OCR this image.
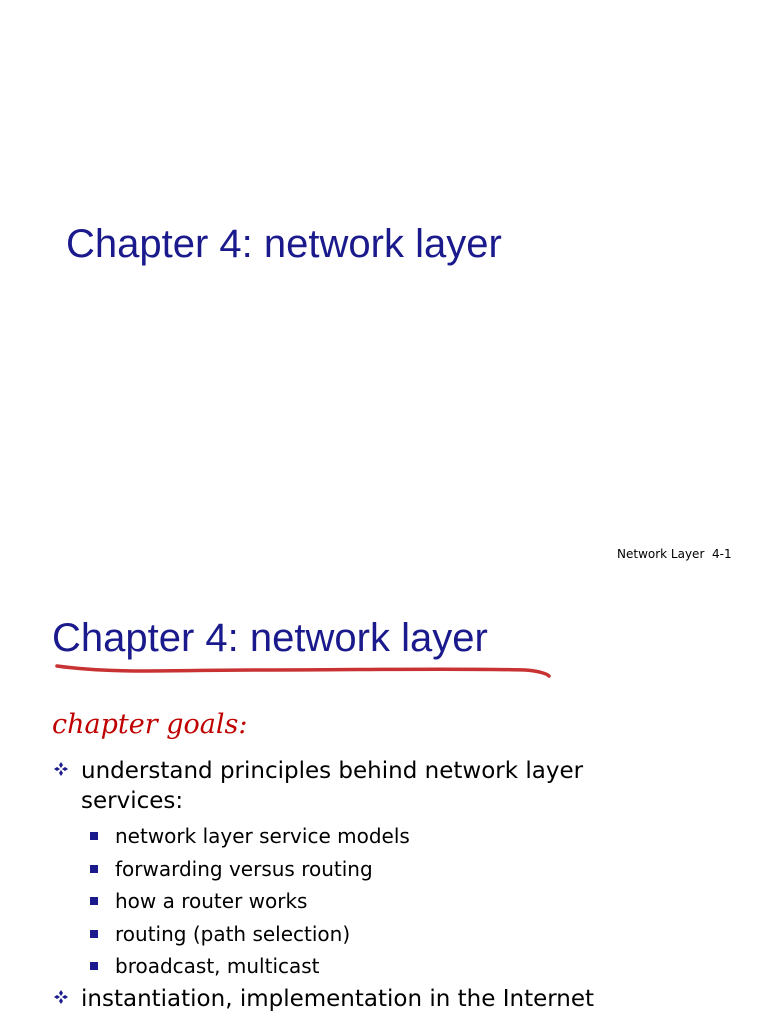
Chapter 4: network layer
Network Layer  4-1
Chapter 4: network layer
chapter goals:
understand principles behind network layer services:
network layer service models
forwarding versus routing
how a router works
routing (path selection)
broadcast, multicast
instantiation, implementation in the Internet
